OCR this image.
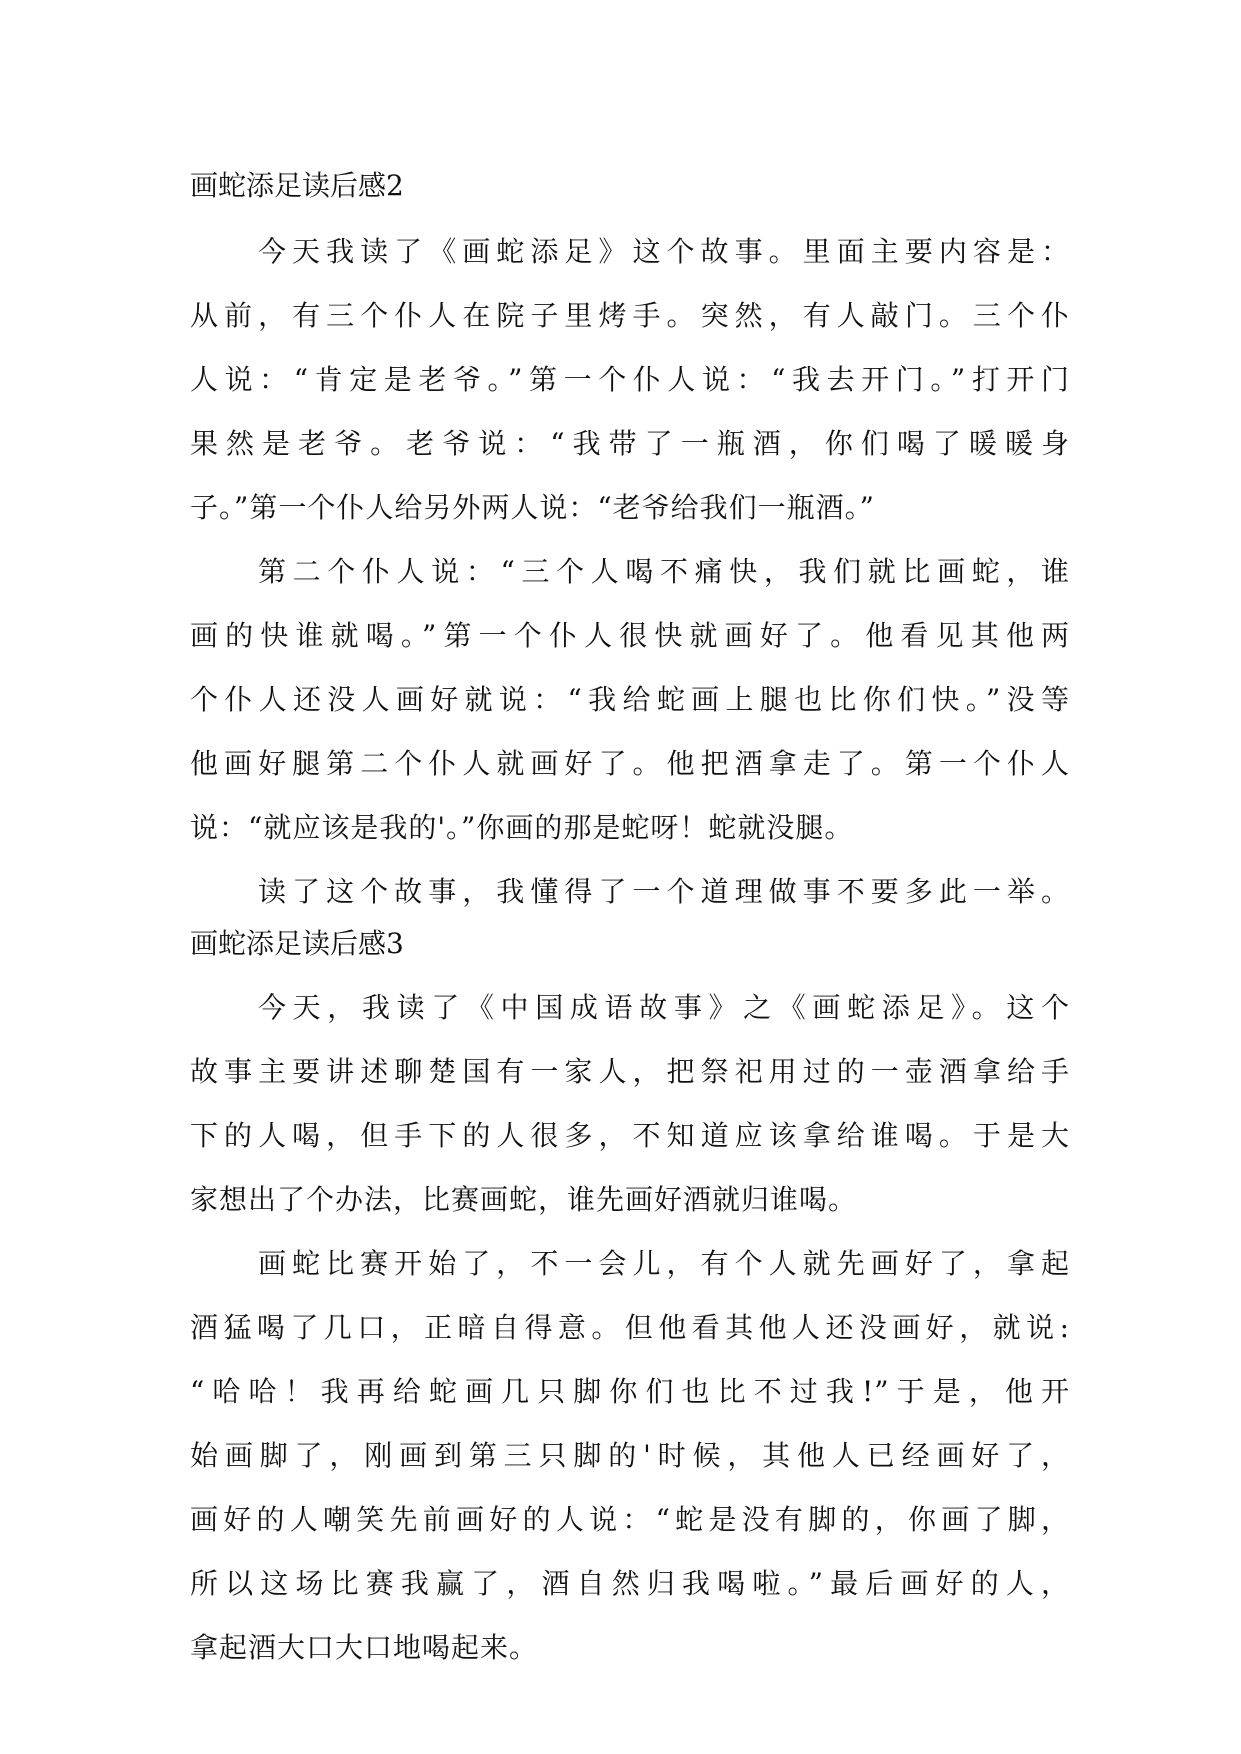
画蛇添足读后感2
今天我读了《画蛇添足》这个故事。里面主要内容是：
从前，有三个仆人在院子里烤手。突然，有人敲门。三个仆
人说：“肯定是老爷。”第一个仆人说：“我去开门。”打开门
果然是老爷。老爷说：“我带了一瓶酒，你们喝了暖暖身
子。”第一个仆人给另外两人说：“老爷给我们一瓶酒。”
第二个仆人说：“三个人喝不痛快，我们就比画蛇，谁
画的快谁就喝。”第一个仆人很快就画好了。他看见其他两
个仆人还没人画好就说：“我给蛇画上腿也比你们快。”没等
他画好腿第二个仆人就画好了。他把酒拿走了。第一个仆人
说：“就应该是我的'。”你画的那是蛇呀！蛇就没腿。
读了这个故事，我懂得了一个道理做事不要多此一举。
画蛇添足读后感3
今天，我读了《中国成语故事》之《画蛇添足》。这个
故事主要讲述聊楚国有一家人，把祭祀用过的一壶酒拿给手
下的人喝，但手下的人很多，不知道应该拿给谁喝。于是大
家想出了个办法，比赛画蛇，谁先画好酒就归谁喝。
画蛇比赛开始了，不一会儿，有个人就先画好了，拿起
酒猛喝了几口，正暗自得意。但他看其他人还没画好，就说:
“哈哈！我再给蛇画几只脚你们也比不过我!”于是，他开
始画脚了，刚画到第三只脚的'时候，其他人已经画好了，
画好的人嘲笑先前画好的人说：“蛇是没有脚的，你画了脚，
所以这场比赛我赢了，酒自然归我喝啦。”最后画好的人，
拿起酒大口大口地喝起来。
